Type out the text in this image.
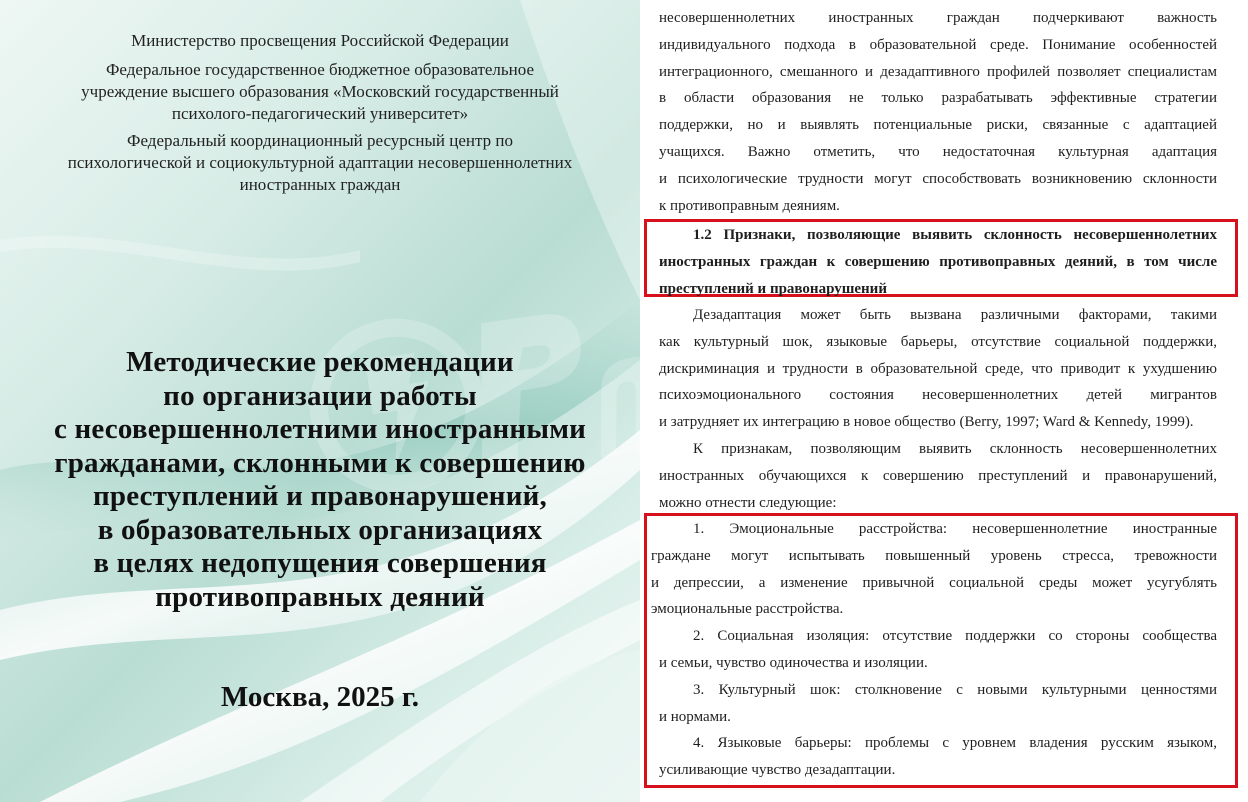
Министерство просвещения Российской Федерации
Федеральное государственное бюджетное образовательное
учреждение высшего образования «Московский государственный
психолого-педагогический университет»
Федеральный координационный ресурсный центр по
психологической и социокультурной адаптации несовершеннолетних
иностранных граждан
Методические рекомендации
по организации работы
с несовершеннолетними иностранными
гражданами, склонными к совершению
преступлений и правонарушений,
в образовательных организациях
в целях недопущения совершения
противоправных деяний
Москва, 2025 г.
несовершеннолетних иностранных граждан подчеркивают важность
индивидуального подхода в образовательной среде. Понимание особенностей
интеграционного, смешанного и дезадаптивного профилей позволяет специалистам
в области образования не только разрабатывать эффективные стратегии
поддержки, но и выявлять потенциальные риски, связанные с адаптацией
учащихся. Важно отметить, что недостаточная культурная адаптация
и психологические трудности могут способствовать возникновению склонности
к противоправным деяниям.
1.2 Признаки, позволяющие выявить склонность несовершеннолетних
иностранных граждан к совершению противоправных деяний, в том числе
преступлений и правонарушений
Дезадаптация может быть вызвана различными факторами, такими
как культурный шок, языковые барьеры, отсутствие социальной поддержки,
дискриминация и трудности в образовательной среде, что приводит к ухудшению
психоэмоционального состояния несовершеннолетних детей мигрантов
и затрудняет их интеграцию в новое общество (Berry, 1997; Ward & Kennedy, 1999).
К признакам, позволяющим выявить склонность несовершеннолетних
иностранных обучающихся к совершению преступлений и правонарушений,
можно отнести следующие:
1. Эмоциональные расстройства: несовершеннолетние иностранные
граждане могут испытывать повышенный уровень стресса, тревожности
и депрессии, а изменение привычной социальной среды может усугублять
эмоциональные расстройства.
2. Социальная изоляция: отсутствие поддержки со стороны сообщества
и семьи, чувство одиночества и изоляции.
3. Культурный шок: столкновение с новыми культурными ценностями
и нормами.
4. Языковые барьеры: проблемы с уровнем владения русским языком,
усиливающие чувство дезадаптации.
